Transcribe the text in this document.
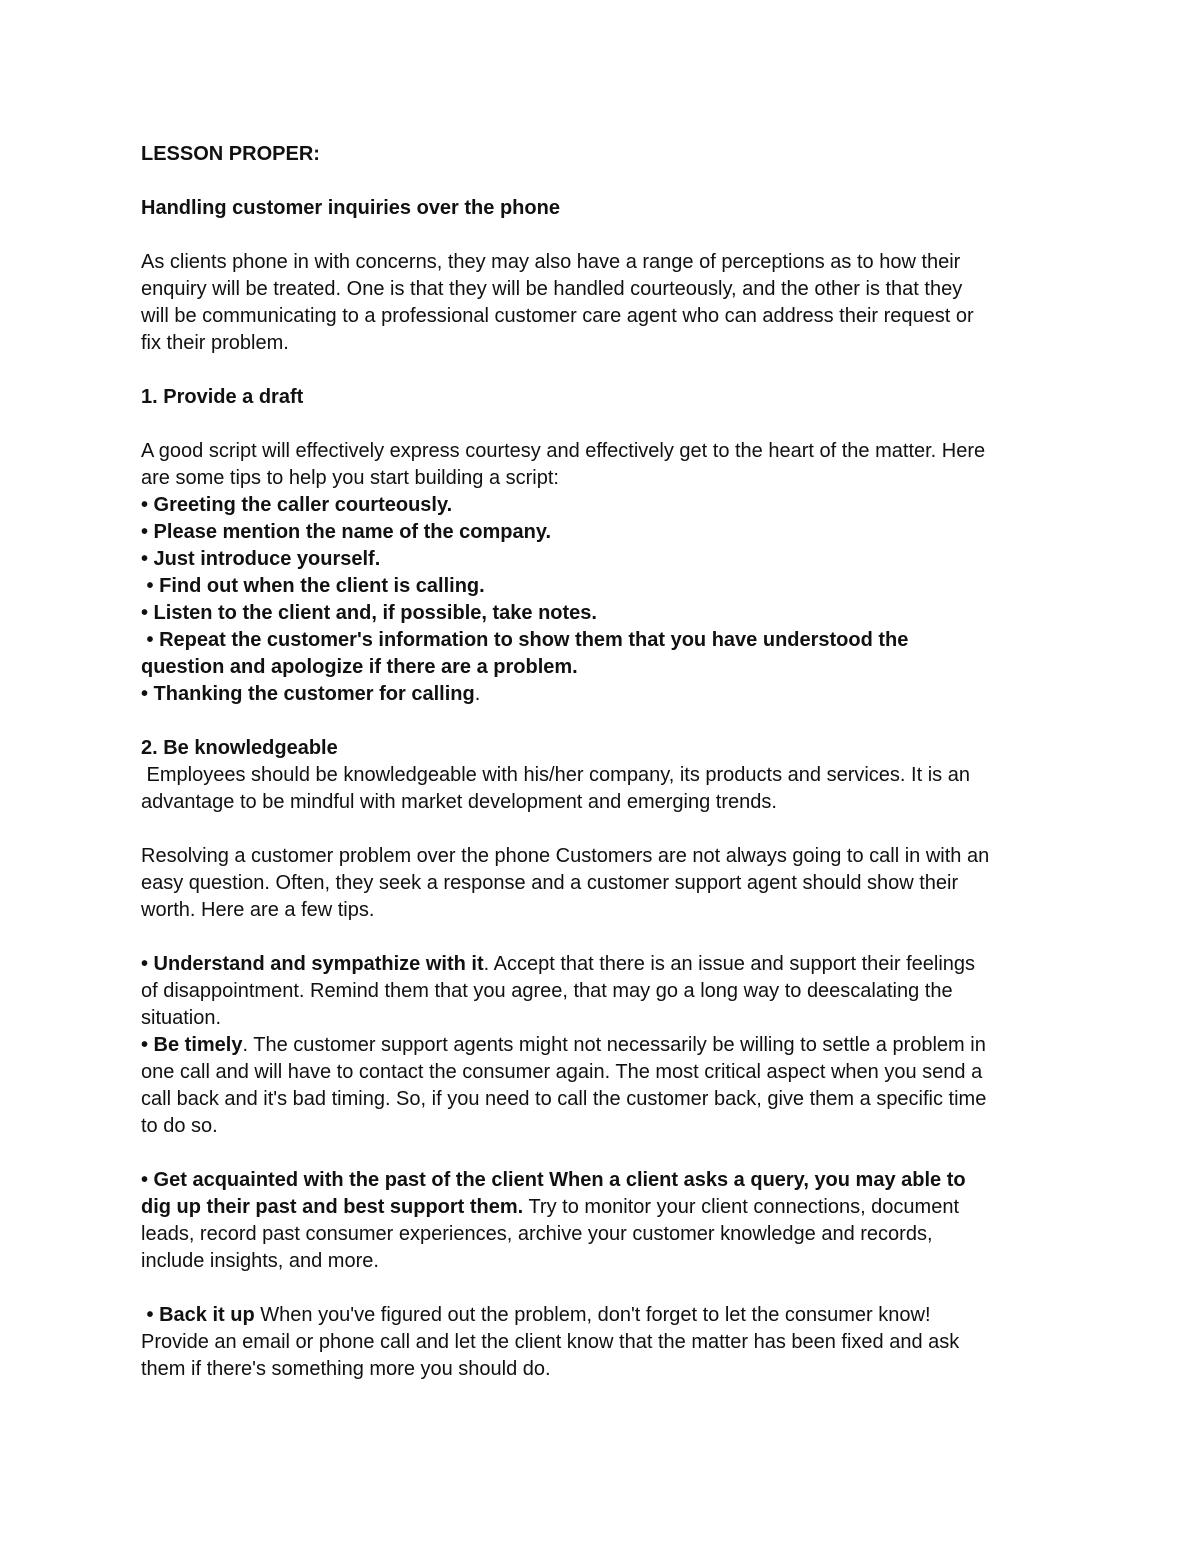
LESSON PROPER:
Handling customer inquiries over the phone
As clients phone in with concerns, they may also have a range of perceptions as to how their
enquiry will be treated. One is that they will be handled courteously, and the other is that they
will be communicating to a professional customer care agent who can address their request or
fix their problem.
1. Provide a draft
A good script will effectively express courtesy and effectively get to the heart of the matter. Here
are some tips to help you start building a script:
• Greeting the caller courteously.
• Please mention the name of the company.
• Just introduce yourself.
• Find out when the client is calling.
• Listen to the client and, if possible, take notes.
• Repeat the customer's information to show them that you have understood the
question and apologize if there are a problem.
• Thanking the customer for calling.
2. Be knowledgeable
Employees should be knowledgeable with his/her company, its products and services. It is an
advantage to be mindful with market development and emerging trends.
Resolving a customer problem over the phone Customers are not always going to call in with an
easy question. Often, they seek a response and a customer support agent should show their
worth. Here are a few tips.
• Understand and sympathize with it. Accept that there is an issue and support their feelings
of disappointment. Remind them that you agree, that may go a long way to deescalating the
situation.
• Be timely. The customer support agents might not necessarily be willing to settle a problem in
one call and will have to contact the consumer again. The most critical aspect when you send a
call back and it's bad timing. So, if you need to call the customer back, give them a specific time
to do so.
• Get acquainted with the past of the client When a client asks a query, you may able to
dig up their past and best support them. Try to monitor your client connections, document
leads, record past consumer experiences, archive your customer knowledge and records,
include insights, and more.
• Back it up When you've figured out the problem, don't forget to let the consumer know!
Provide an email or phone call and let the client know that the matter has been fixed and ask
them if there's something more you should do.
